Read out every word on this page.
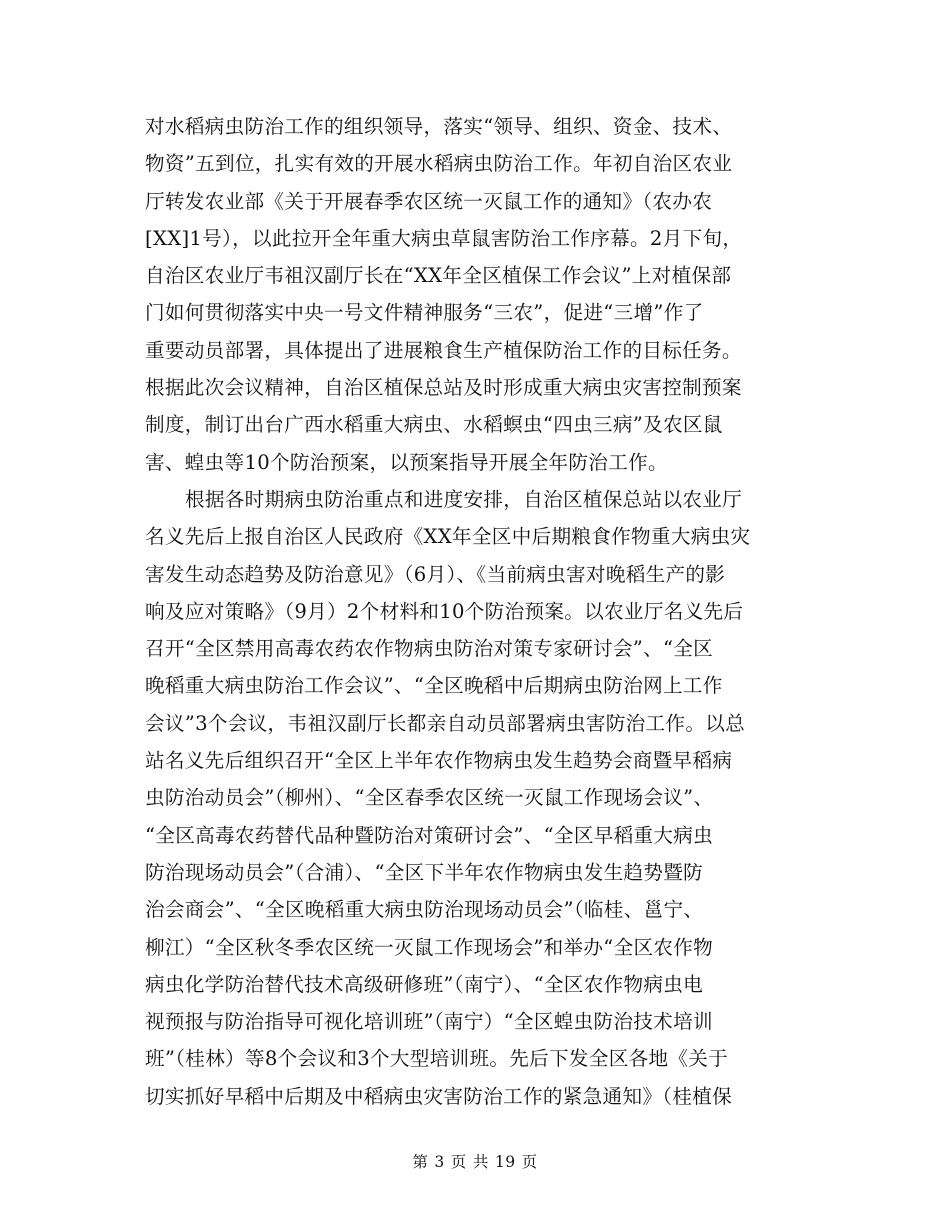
对水稻病虫防治工作的组织领导，落实“领导、组织、资金、技术、
物资”五到位，扎实有效的开展水稻病虫防治工作。年初自治区农业
厅转发农业部《关于开展春季农区统一灭鼠工作的通知》（农办农
[XX]1号），以此拉开全年重大病虫草鼠害防治工作序幕。2月下旬，
自治区农业厅韦祖汉副厅长在“XX年全区植保工作会议”上对植保部
门如何贯彻落实中央一号文件精神服务“三农”，促进“三增”作了
重要动员部署，具体提出了进展粮食生产植保防治工作的目标任务。
根据此次会议精神，自治区植保总站及时形成重大病虫灾害控制预案
制度，制订出台广西水稻重大病虫、水稻螟虫“四虫三病”及农区鼠
害、蝗虫等10个防治预案，以预案指导开展全年防治工作。
根据各时期病虫防治重点和进度安排，自治区植保总站以农业厅
名义先后上报自治区人民政府《XX年全区中后期粮食作物重大病虫灾
害发生动态趋势及防治意见》（6月）、《当前病虫害对晚稻生产的影
响及应对策略》（9月）2个材料和10个防治预案。以农业厅名义先后
召开“全区禁用高毒农药农作物病虫防治对策专家研讨会”、“全区
晚稻重大病虫防治工作会议”、“全区晚稻中后期病虫防治网上工作
会议”3个会议，韦祖汉副厅长都亲自动员部署病虫害防治工作。以总
站名义先后组织召开“全区上半年农作物病虫发生趋势会商暨早稻病
虫防治动员会”（柳州）、“全区春季农区统一灭鼠工作现场会议”、
“全区高毒农药替代品种暨防治对策研讨会”、“全区早稻重大病虫
防治现场动员会”（合浦）、“全区下半年农作物病虫发生趋势暨防
治会商会”、“全区晚稻重大病虫防治现场动员会”（临桂、邕宁、
柳江）“全区秋冬季农区统一灭鼠工作现场会”和举办“全区农作物
病虫化学防治替代技术高级研修班”（南宁）、“全区农作物病虫电
视预报与防治指导可视化培训班”（南宁）“全区蝗虫防治技术培训
班”（桂林）等8个会议和3个大型培训班。先后下发全区各地《关于
切实抓好早稻中后期及中稻病虫灾害防治工作的紧急通知》（桂植保
第 3 页 共 19 页
